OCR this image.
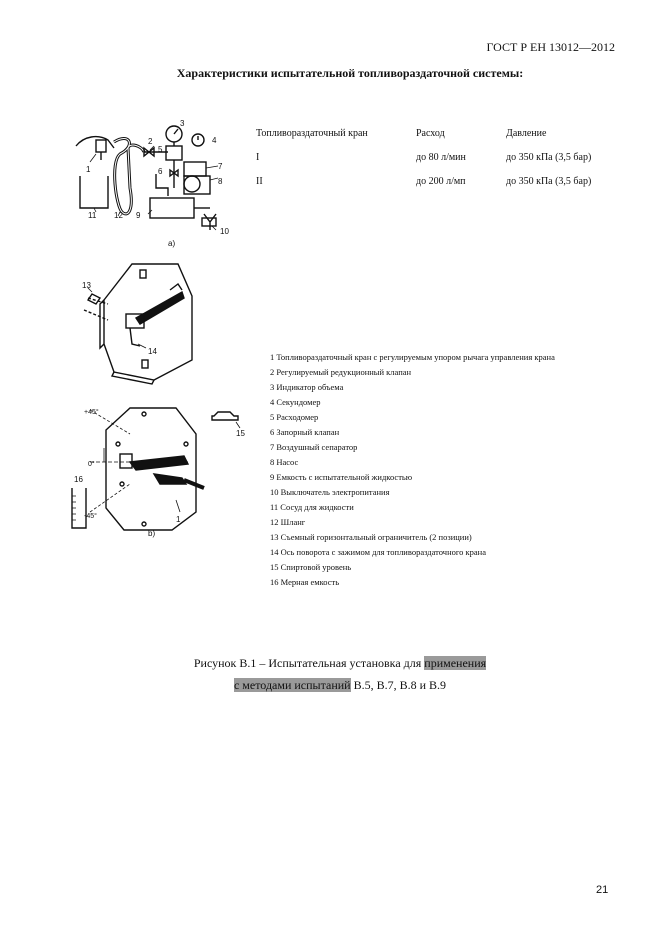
ГОСТ Р ЕН 13012—2012
Характеристики испытательной топливораздаточной системы:
Топливораздаточный кран	Расход	Давление
I	до 80 л/мин	до 350 кПа (3,5 бар)
II	до 200 л/мп	до 350 кПа (3,5 бар)
1
2
3
4
5
6
7
8
9
10
11 12
а)
13
14
+45°
0°
-45°
15
16
1
b)
1 Топливораздаточный кран с регулируемым упором рычага управления крана
2 Регулируемый редукционный клапан
3 Индикатор объема
4 Секундомер
5 Расходомер
6 Запорный клапан
7 Воздушный сепаратор
8 Насос
9 Емкость с испытательной жидкостью
10 Выключатель электропитания
11 Сосуд для жидкости
12 Шланг
13 Съемный горизонтальный ограничитель (2 позиции)
14 Ось поворота с зажимом для топливораздаточного крана
15 Спиртовой уровень
16 Мерная емкость
Рисунок В.1 – Испытательная установка для применения
с методами испытаний В.5, В.7, В.8 и В.9
21
